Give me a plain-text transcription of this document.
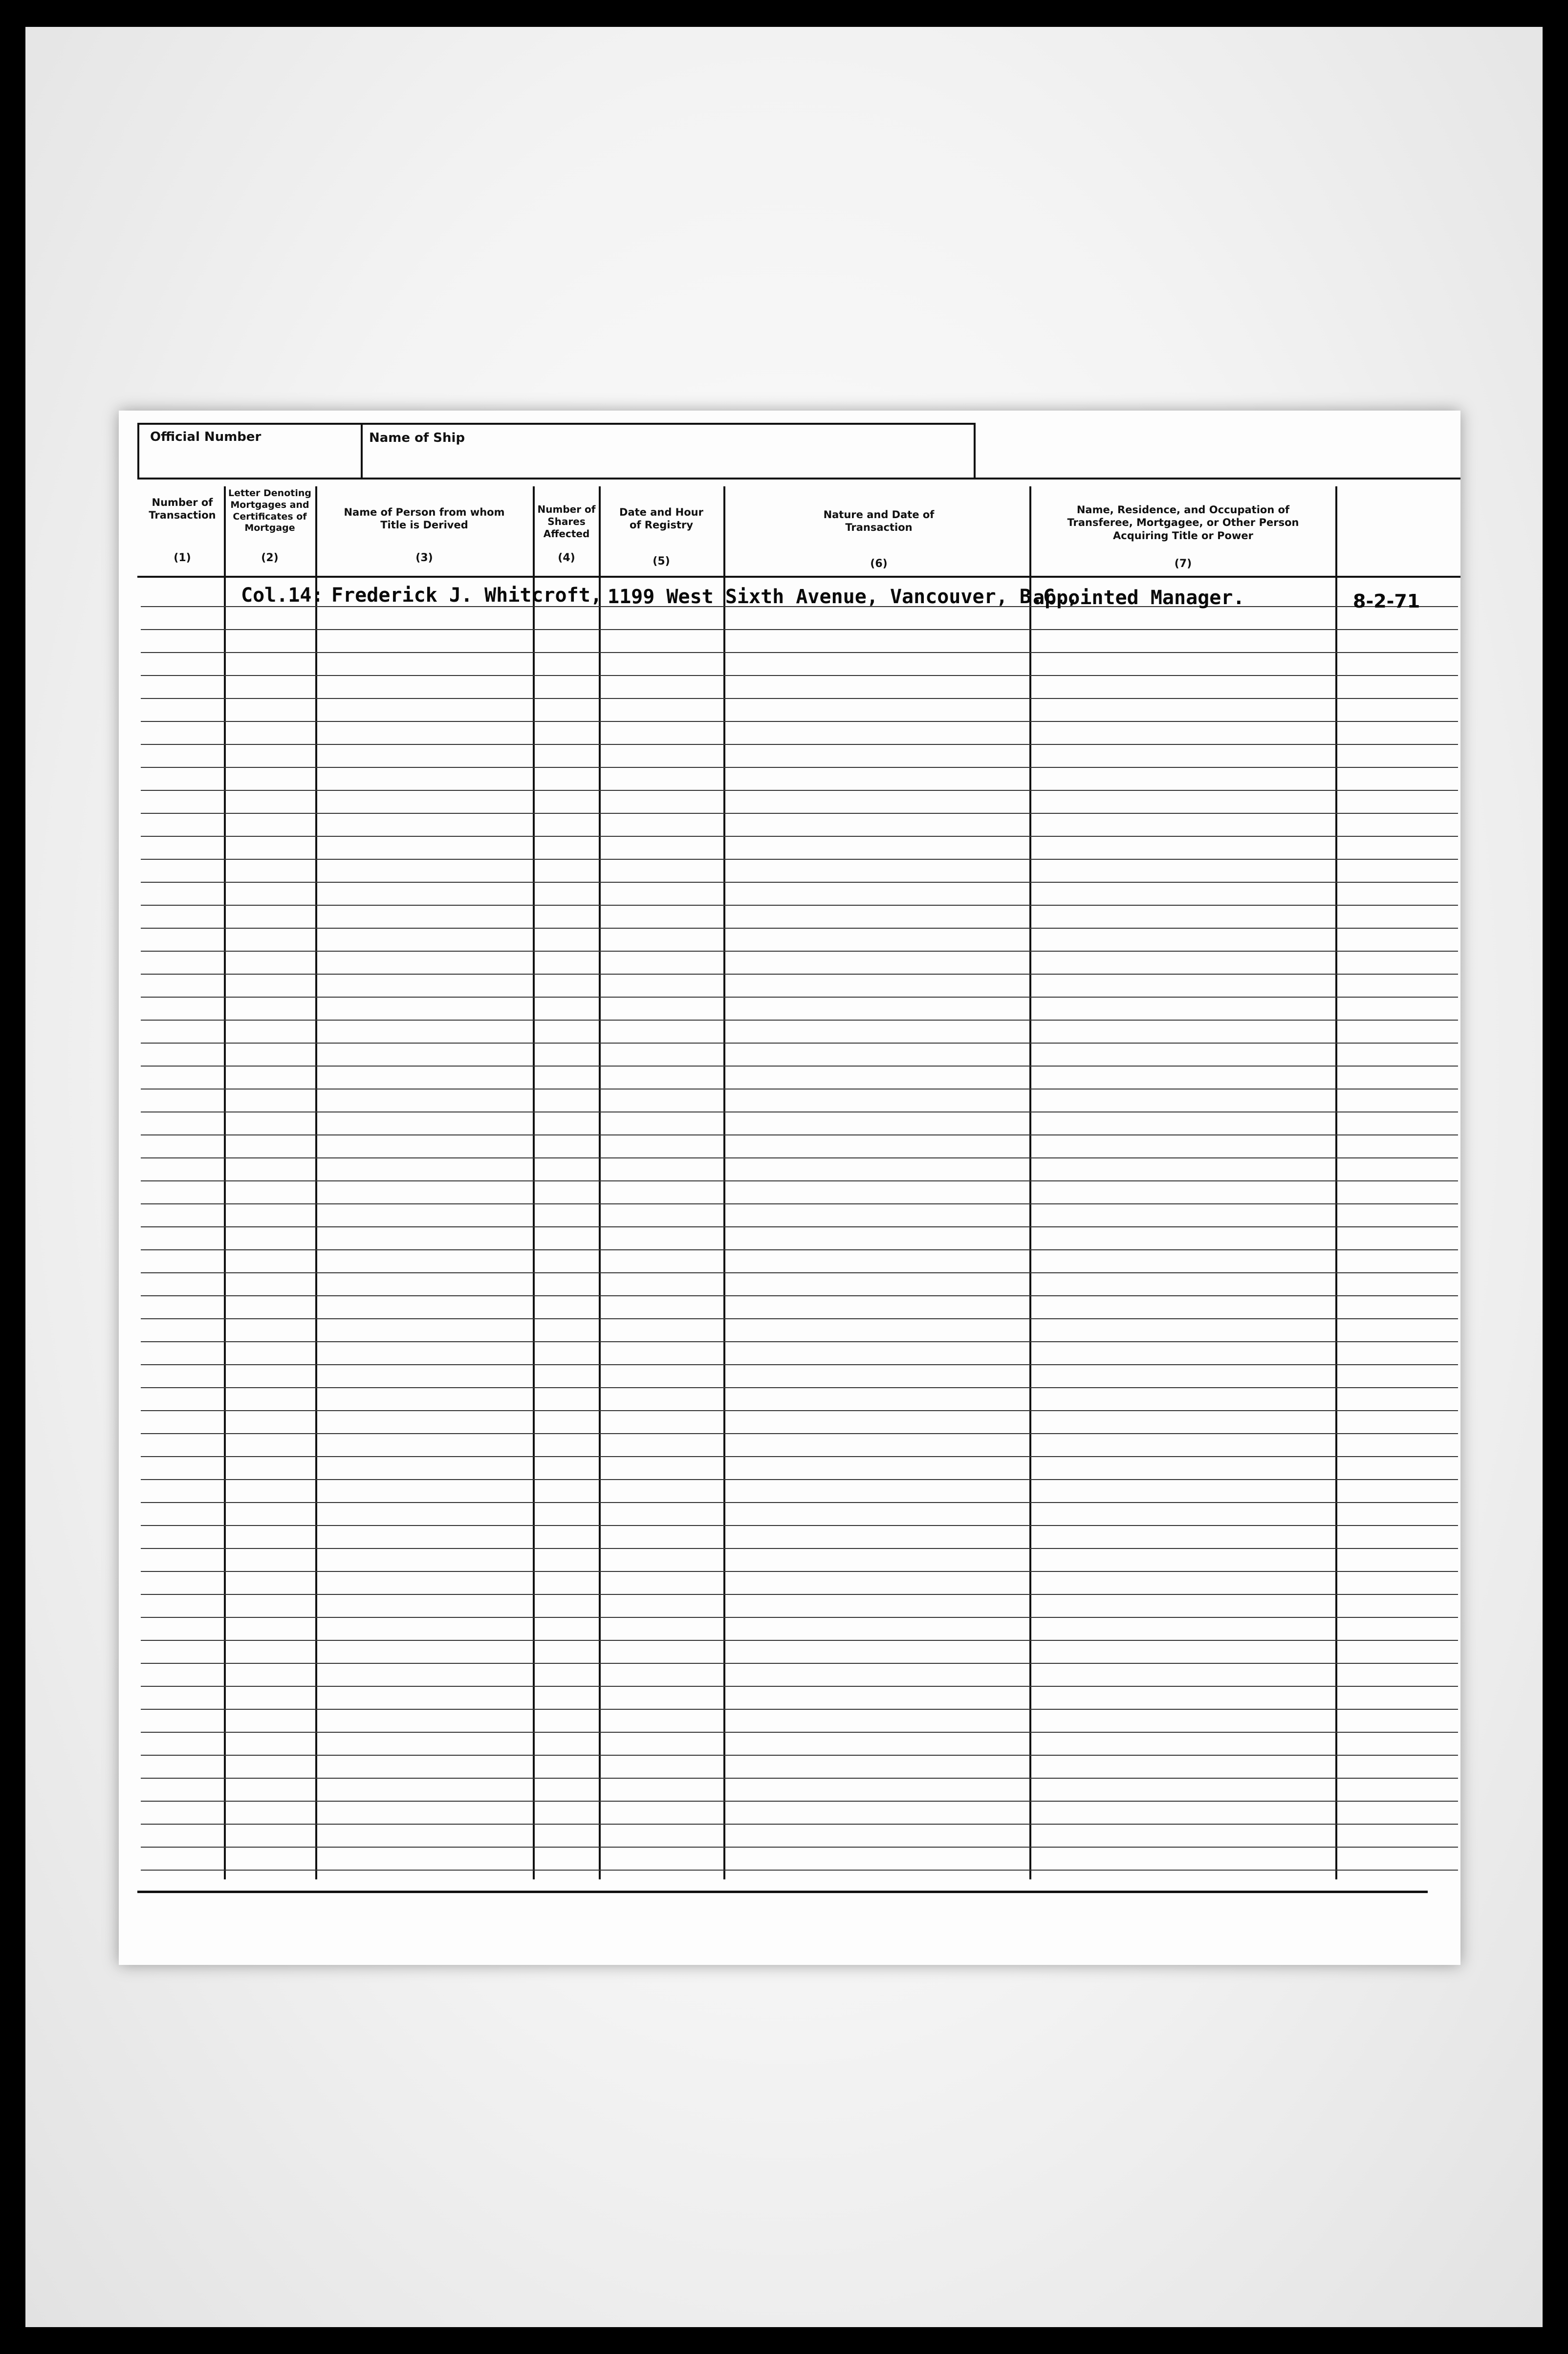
Official Number	Name of Ship
Number of Transaction
(1)
Letter Denoting Mortgages and Certificates of Mortgage
(2)
Name of Person from whom Title is Derived
(3)
Number of Shares Affected
(4)
Date and Hour of Registry
(5)
Nature and Date of Transaction
(6)
Name, Residence, and Occupation of Transferee, Mortgagee, or Other Person Acquiring Title or Power
(7)
Col.14: Frederick J. Whitcroft, 1199 West Sixth Avenue, Vancouver, B.C.,
appointed Manager.	8-2-71
